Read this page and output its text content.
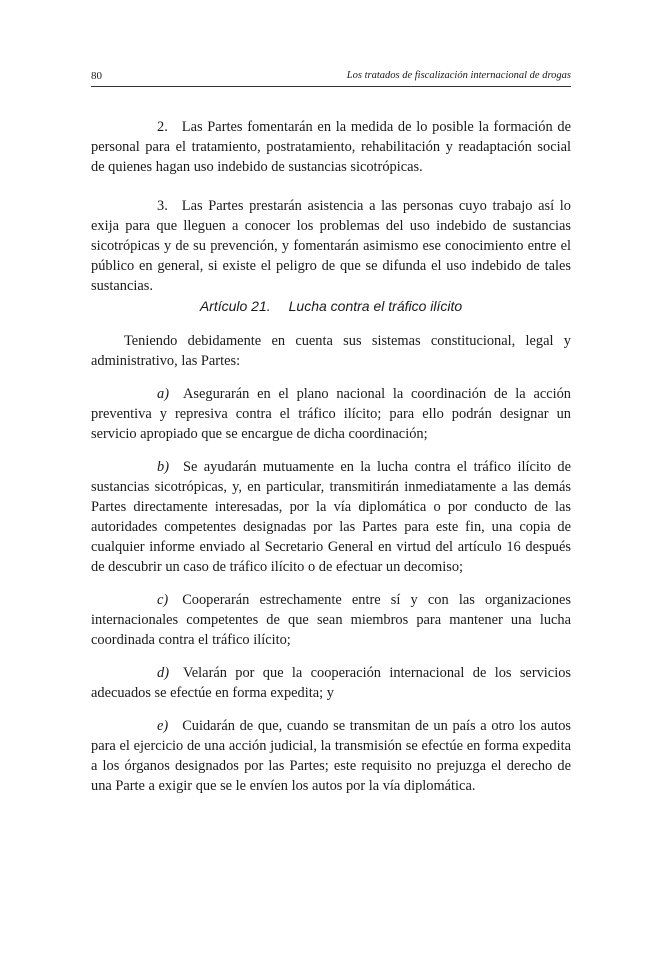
80	Los tratados de fiscalización internacional de drogas

2. Las Partes fomentarán en la medida de lo posible la formación de personal para el tratamiento, postratamiento, rehabilitación y readaptación social de quienes hagan uso indebido de sustancias sicotrópicas.

3. Las Partes prestarán asistencia a las personas cuyo trabajo así lo exija para que lleguen a conocer los problemas del uso indebido de sustancias sicotrópicas y de su prevención, y fomentarán asimismo ese conocimiento entre el público en general, si existe el peligro de que se difunda el uso indebido de tales sustancias.

Artículo 21. Lucha contra el tráfico ilícito

Teniendo debidamente en cuenta sus sistemas constitucional, legal y administrativo, las Partes:

a) Asegurarán en el plano nacional la coordinación de la acción preventiva y represiva contra el tráfico ilícito; para ello podrán designar un servicio apropiado que se encargue de dicha coordinación;

b) Se ayudarán mutuamente en la lucha contra el tráfico ilícito de sustancias sicotrópicas, y, en particular, transmitirán inmediatamente a las demás Partes directamente interesadas, por la vía diplomática o por conducto de las autoridades competentes designadas por las Partes para este fin, una copia de cualquier informe enviado al Secretario General en virtud del artículo 16 después de descubrir un caso de tráfico ilícito o de efectuar un decomiso;

c) Cooperarán estrechamente entre sí y con las organizaciones internacionales competentes de que sean miembros para mantener una lucha coordinada contra el tráfico ilícito;

d) Velarán por que la cooperación internacional de los servicios adecuados se efectúe en forma expedita; y

e) Cuidarán de que, cuando se transmitan de un país a otro los autos para el ejercicio de una acción judicial, la transmisión se efectúe en forma expedita a los órganos designados por las Partes; este requisito no prejuzga el derecho de una Parte a exigir que se le envíen los autos por la vía diplomática.
